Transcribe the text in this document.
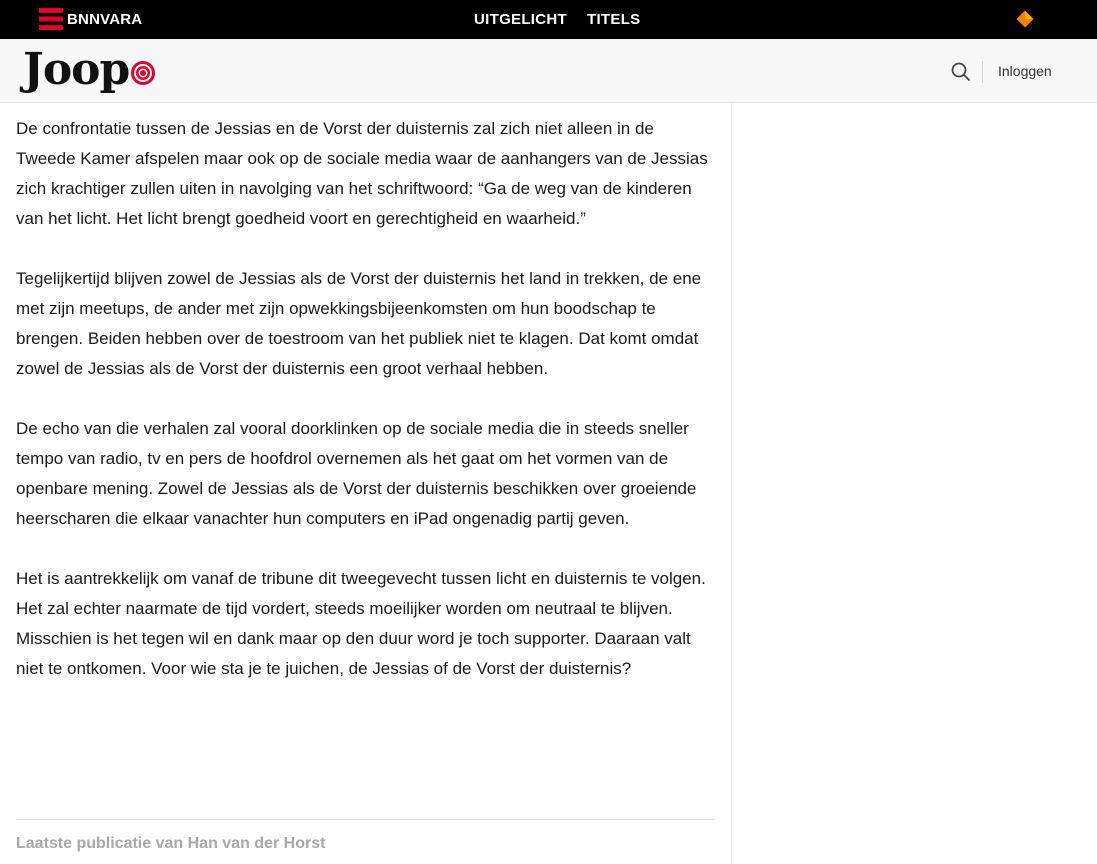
BNNVARA	UITGELICHT TITELS
Joop	Inloggen

De confrontatie tussen de Jessias en de Vorst der duisternis zal zich niet alleen in de Tweede Kamer afspelen maar ook op de sociale media waar de aanhangers van de Jessias zich krachtiger zullen uiten in navolging van het schriftwoord: “Ga de weg van de kinderen van het licht. Het licht brengt goedheid voort en gerechtigheid en waarheid.”

Tegelijkertijd blijven zowel de Jessias als de Vorst der duisternis het land in trekken, de ene met zijn meetups, de ander met zijn opwekkingsbijeenkomsten om hun boodschap te brengen. Beiden hebben over de toestroom van het publiek niet te klagen. Dat komt omdat zowel de Jessias als de Vorst der duisternis een groot verhaal hebben.

De echo van die verhalen zal vooral doorklinken op de sociale media die in steeds sneller tempo van radio, tv en pers de hoofdrol overnemen als het gaat om het vormen van de openbare mening. Zowel de Jessias als de Vorst der duisternis beschikken over groeiende heerscharen die elkaar vanachter hun computers en iPad ongenadig partij geven.

Het is aantrekkelijk om vanaf de tribune dit tweegevecht tussen licht en duisternis te volgen. Het zal echter naarmate de tijd vordert, steeds moeilijker worden om neutraal te blijven. Misschien is het tegen wil en dank maar op den duur word je toch supporter. Daaraan valt niet te ontkomen. Voor wie sta je te juichen, de Jessias of de Vorst der duisternis?

Laatste publicatie van Han van der Horst
